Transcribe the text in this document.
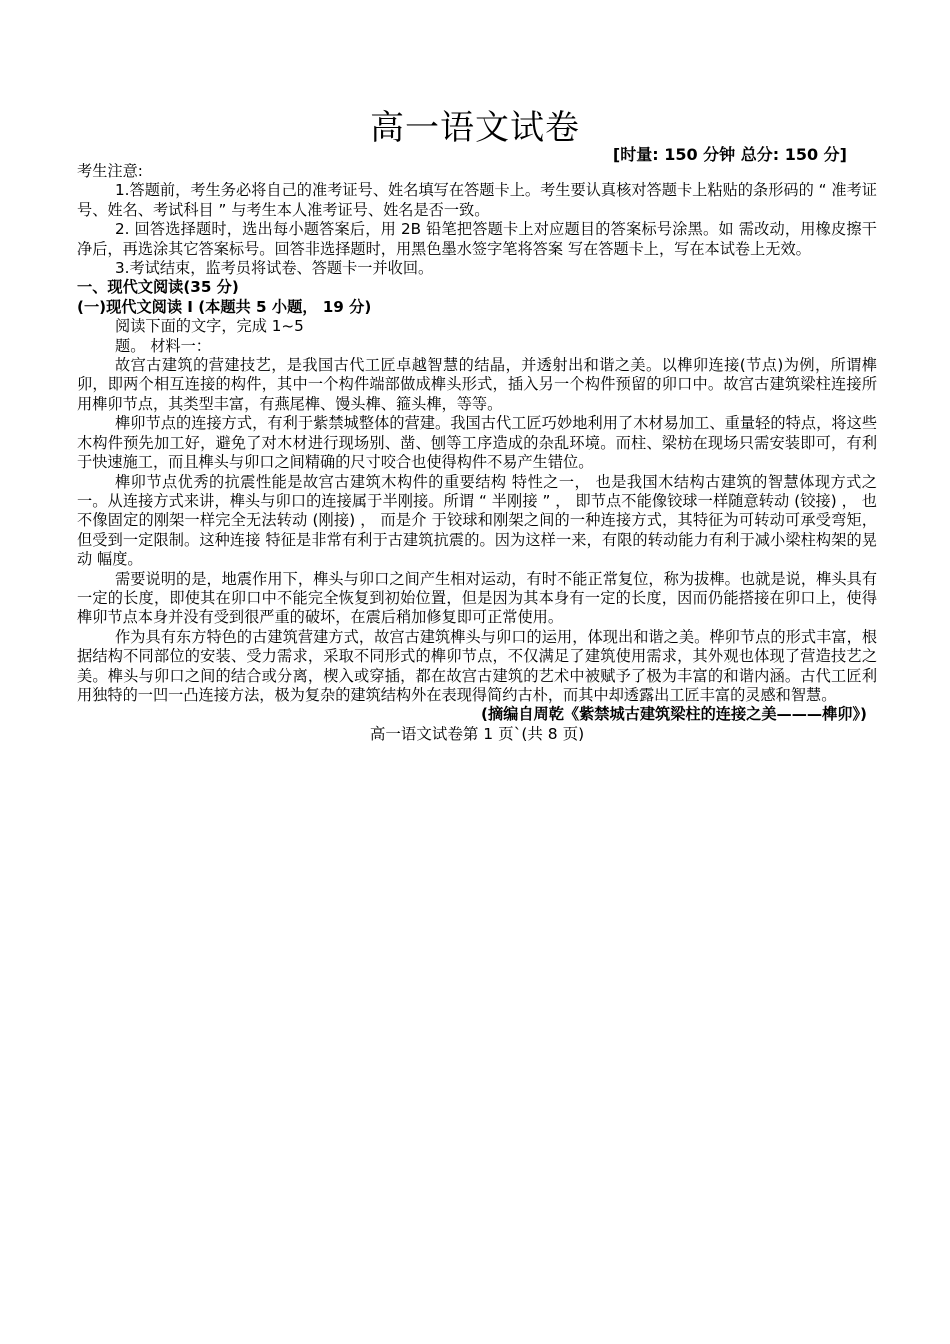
高一语文试卷
[时量: 150 分钟 总分: 150 分]

考生注意:

1.答题前，考生务必将自己的准考证号、姓名填写在答题卡上。考生要认真核对答题卡上粘贴的条形码的 “ 准考证号、姓名、考试科目 ” 与考生本人准考证号、姓名是否一致。

2. 回答选择题时，选出每小题答案后，用 2B 铅笔把答题卡上对应题目的答案标号涂黑。如 需改动，用橡皮擦干净后，再选涂其它答案标号。回答非选择题时，用黑色墨水签字笔将答案 写在答题卡上，写在本试卷上无效。

3.考试结束，监考员将试卷、答题卡一并收回。

一、现代文阅读(35 分)

(一)现代文阅读 I (本题共 5 小题， 19 分)

阅读下面的文字，完成 1~5

题。 材料一：

故宫古建筑的营建技艺，是我国古代工匠卓越智慧的结晶，并透射出和谐之美。以榫卯连接(节点)为例，所谓榫卯，即两个相互连接的构件，其中一个构件端部做成榫头形式，插入另一个构件预留的卯口中。故宫古建筑梁柱连接所用榫卯节点，其类型丰富，有燕尾榫、馒头榫、箍头榫，等等。

榫卯节点的连接方式，有利于紫禁城整体的营建。我国古代工匠巧妙地利用了木材易加工、重量轻的特点，将这些木构件预先加工好，避免了对木材进行现场别、凿、刨等工序造成的杂乱环境。而柱、梁枋在现场只需安装即可，有利于快速施工，而且榫头与卯口之间精确的尺寸咬合也使得构件不易产生错位。

榫卯节点优秀的抗震性能是故宫古建筑木构件的重要结构 特性之一， 也是我国木结构古建筑的智慧体现方式之一。从连接方式来讲，榫头与卯口的连接属于半刚接。所谓 “ 半刚接 ” ， 即节点不能像铰球一样随意转动 (铰接) ， 也不像固定的刚架一样完全无法转动 (刚接) ， 而是介 于铰球和刚架之间的一种连接方式，其特征为可转动可承受弯矩，但受到一定限制。这种连接 特征是非常有利于古建筑抗震的。因为这样一来，有限的转动能力有利于减小梁柱构架的晃动 幅度。

需要说明的是，地震作用下，榫头与卯口之间产生相对运动，有时不能正常复位，称为拔榫。也就是说，榫头具有一定的长度，即使其在卯口中不能完全恢复到初始位置，但是因为其本身有一定的长度，因而仍能搭接在卯口上，使得榫卯节点本身并没有受到很严重的破坏，在震后稍加修复即可正常使用。

作为具有东方特色的古建筑营建方式，故宫古建筑榫头与卯口的运用，体现出和谐之美。桦卯节点的形式丰富，根据结构不同部位的安装、受力需求，采取不同形式的榫卯节点，不仅满足了建筑使用需求，其外观也体现了营造技艺之美。榫头与卯口之间的结合或分离，楔入或穿插，都在故宫古建筑的艺术中被赋予了极为丰富的和谐内涵。古代工匠利用独特的一凹一凸连接方法，极为复杂的建筑结构外在表现得简约古朴，而其中却透露出工匠丰富的灵感和智慧。

(摘编自周乾《紫禁城古建筑梁柱的连接之美———榫卯》)

高一语文试卷第 1 页`(共 8 页)
